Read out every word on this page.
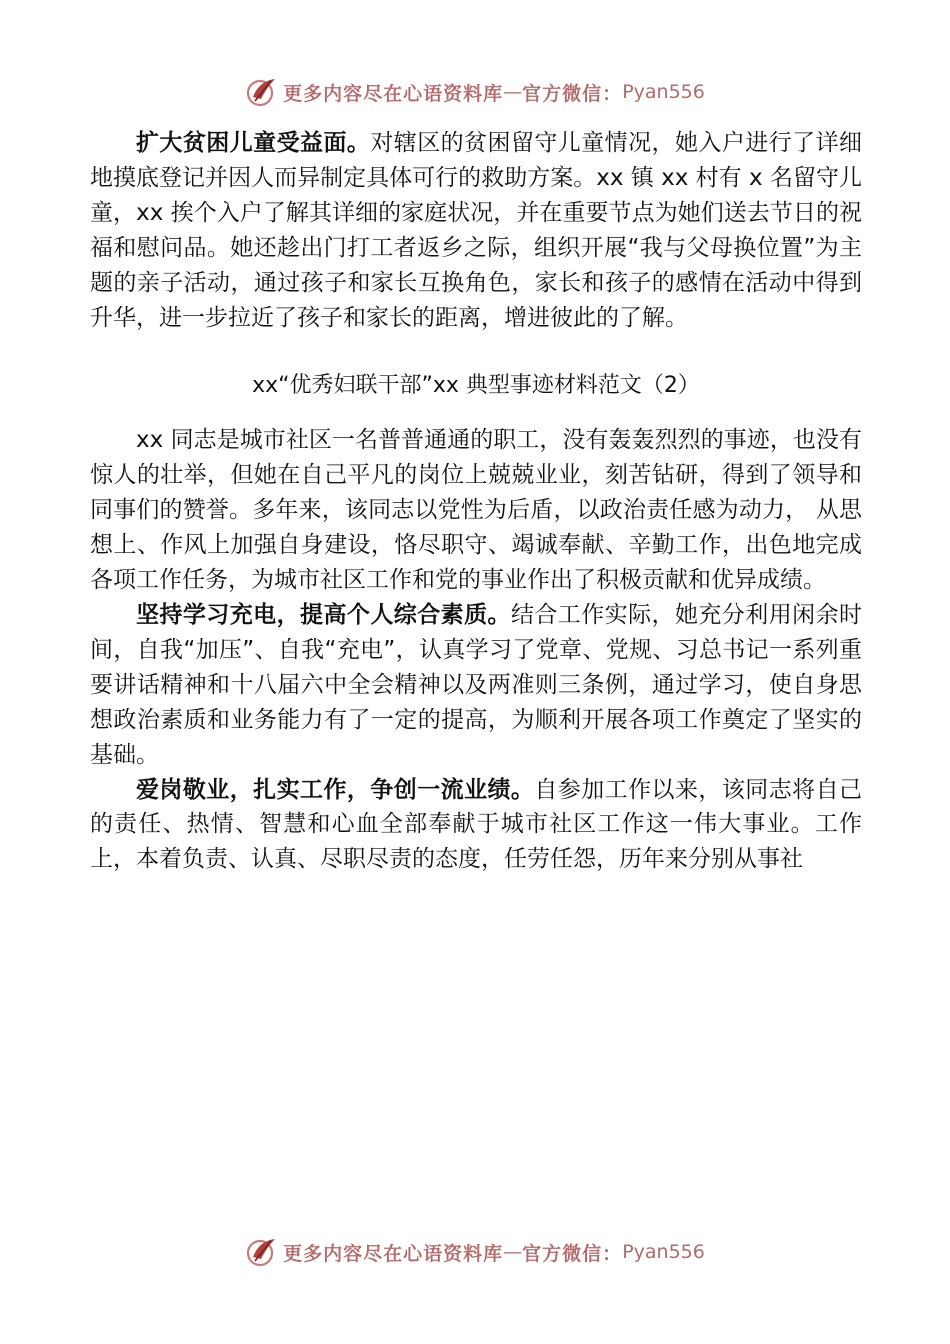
更多内容尽在心语资料库 — 官方微信： Pyan556

扩大贫困儿童受益面。对辖区的贫困留守儿童情况，她入户进行了详细地摸底登记并因人而异制定具体可行的救助方案。xx 镇 xx 村有 x 名留守儿童，xx 挨个入户了解其详细的家庭状况，并在重要节点为她们送去节日的祝福和慰问品。她还趁出门打工者返乡之际，组织开展“我与父母换位置”为主题的亲子活动，通过孩子和家长互换角色，家长和孩子的感情在活动中得到升华，进一步拉近了孩子和家长的距离，增进彼此的了解。

xx“优秀妇联干部”xx 典型事迹材料范文（2）

xx 同志是城市社区一名普普通通的职工，没有轰轰烈烈的事迹，也没有惊人的壮举，但她在自己平凡的岗位上兢兢业业，刻苦钻研，得到了领导和同事们的赞誉。多年来，该同志以党性为后盾，以政治责任感为动力， 从思想上、作风上加强自身建设，恪尽职守、竭诚奉献、辛勤工作，出色地完成各项工作任务，为城市社区工作和党的事业作出了积极贡献和优异成绩。

坚持学习充电，提高个人综合素质。结合工作实际，她充分利用闲余时间，自我“加压”、自我“充电”，认真学习了党章、党规、习总书记一系列重要讲话精神和十八届六中全会精神以及两准则三条例，通过学习，使自身思想政治素质和业务能力有了一定的提高，为顺利开展各项工作奠定了坚实的基础。

爱岗敬业，扎实工作，争创一流业绩。自参加工作以来，该同志将自己的责任、热情、智慧和心血全部奉献于城市社区工作这一伟大事业。工作上，本着负责、认真、尽职尽责的态度，任劳任怨，历年来分别从事社

更多内容尽在心语资料库 — 官方微信： Pyan556
